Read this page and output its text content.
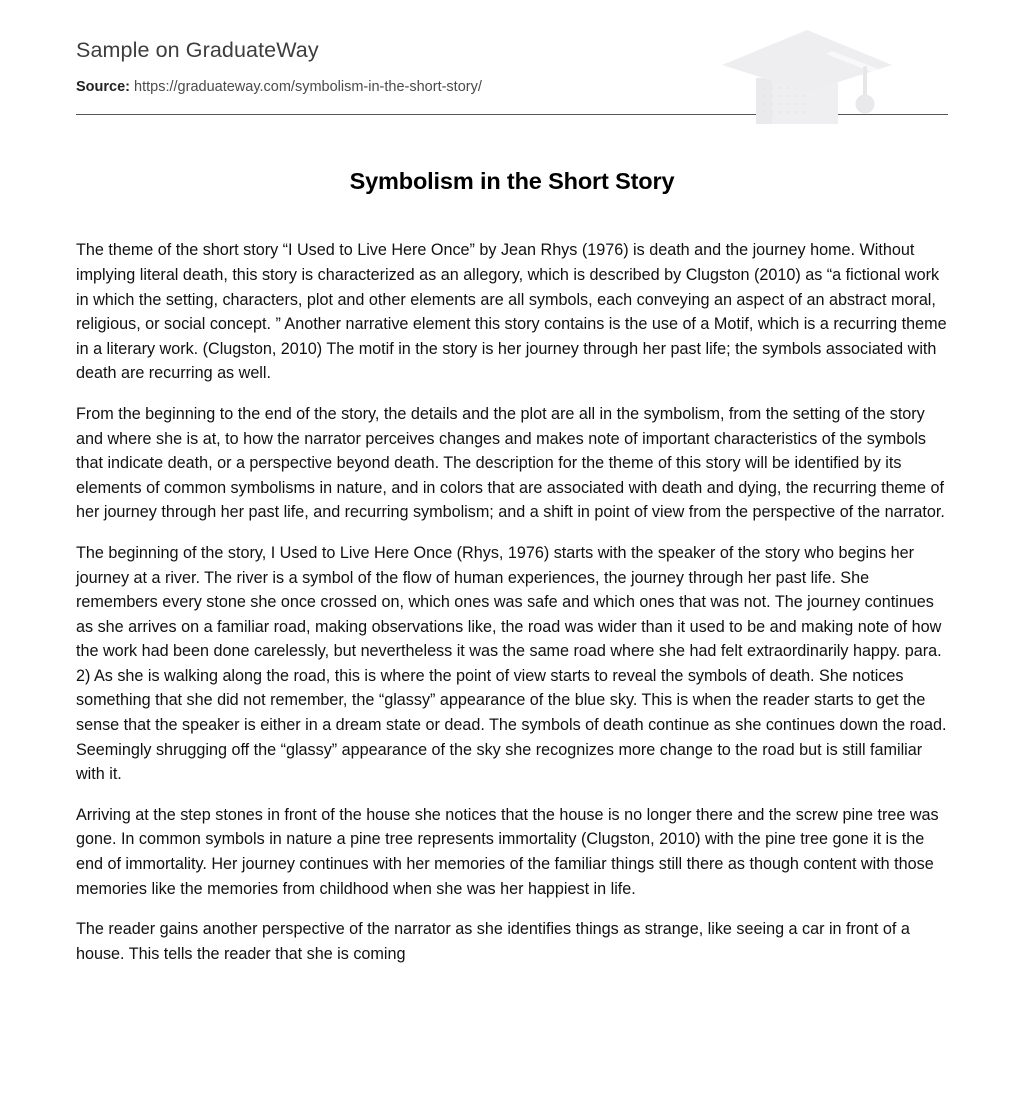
Sample on GraduateWay
Source: https://graduateway.com/symbolism-in-the-short-story/
Symbolism in the Short Story

The theme of the short story “I Used to Live Here Once” by Jean Rhys (1976) is death and the journey home. Without implying literal death, this story is characterized as an allegory, which is described by Clugston (2010) as “a fictional work in which the setting, characters, plot and other elements are all symbols, each conveying an aspect of an abstract moral, religious, or social concept. ” Another narrative element this story contains is the use of a Motif, which is a recurring theme in a literary work. (Clugston, 2010) The motif in the story is her journey through her past life; the symbols associated with death are recurring as well.

From the beginning to the end of the story, the details and the plot are all in the symbolism, from the setting of the story and where she is at, to how the narrator perceives changes and makes note of important characteristics of the symbols that indicate death, or a perspective beyond death. The description for the theme of this story will be identified by its elements of common symbolisms in nature, and in colors that are associated with death and dying, the recurring theme of her journey through her past life, and recurring symbolism; and a shift in point of view from the perspective of the narrator.

The beginning of the story, I Used to Live Here Once (Rhys, 1976) starts with the speaker of the story who begins her journey at a river. The river is a symbol of the flow of human experiences, the journey through her past life. She remembers every stone she once crossed on, which ones was safe and which ones that was not. The journey continues as she arrives on a familiar road, making observations like, the road was wider than it used to be and making note of how the work had been done carelessly, but nevertheless it was the same road where she had felt extraordinarily happy. para. 2) As she is walking along the road, this is where the point of view starts to reveal the symbols of death. She notices something that she did not remember, the “glassy” appearance of the blue sky. This is when the reader starts to get the sense that the speaker is either in a dream state or dead. The symbols of death continue as she continues down the road. Seemingly shrugging off the “glassy” appearance of the sky she recognizes more change to the road but is still familiar with it.

Arriving at the step stones in front of the house she notices that the house is no longer there and the screw pine tree was gone. In common symbols in nature a pine tree represents immortality (Clugston, 2010) with the pine tree gone it is the end of immortality. Her journey continues with her memories of the familiar things still there as though content with those memories like the memories from childhood when she was her happiest in life.

The reader gains another perspective of the narrator as she identifies things as strange, like seeing a car in front of a house. This tells the reader that she is coming
